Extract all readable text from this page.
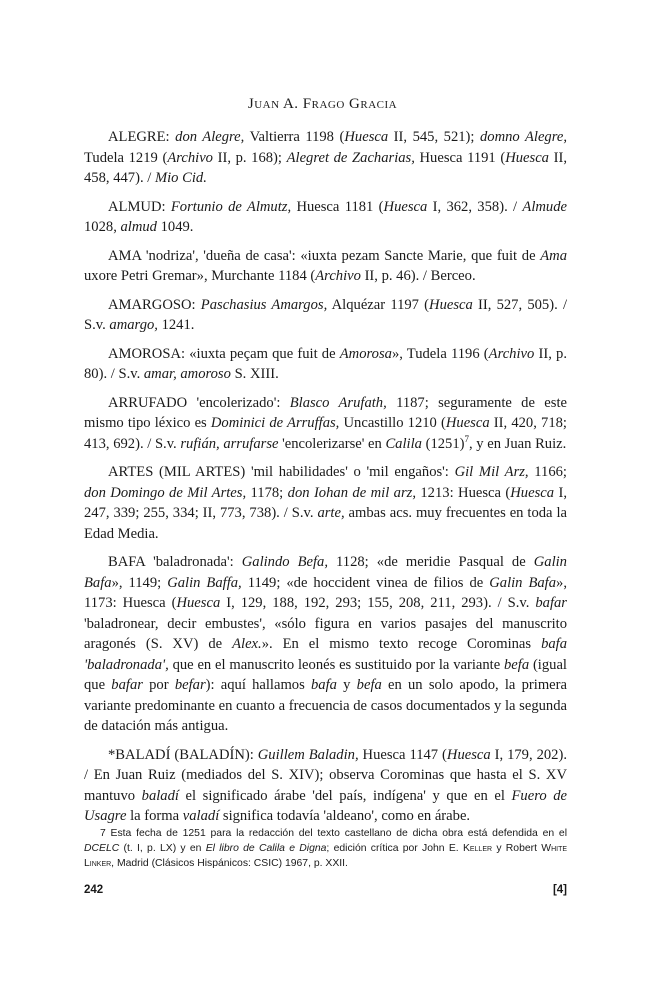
Juan A. Frago Gracia

ALEGRE: don Alegre, Valtierra 1198 (Huesca II, 545, 521); domno Alegre, Tudela 1219 (Archivo II, p. 168); Alegret de Zacharias, Huesca 1191 (Huesca II, 458, 447). / Mio Cid.

ALMUD: Fortunio de Almutz, Huesca 1181 (Huesca I, 362, 358). / Almude 1028, almud 1049.

AMA 'nodriza', 'dueña de casa': «iuxta pezam Sancte Marie, que fuit de Ama uxore Petri Gremar», Murchante 1184 (Archivo II, p. 46). / Berceo.

AMARGOSO: Paschasius Amargos, Alquézar 1197 (Huesca II, 527, 505). / S.v. amargo, 1241.

AMOROSA: «iuxta peçam que fuit de Amorosa», Tudela 1196 (Archivo II, p. 80). / S.v. amar, amoroso S. XIII.

ARRUFADO 'encolerizado': Blasco Arufath, 1187; seguramente de este mismo tipo léxico es Dominici de Arruffas, Uncastillo 1210 (Huesca II, 420, 718; 413, 692). / S.v. rufián, arrufarse 'encolerizarse' en Calila $(1251)^7$, y en Juan Ruiz.

ARTES (MIL ARTES) 'mil habilidades' o 'mil engaños': Gil Mil Arz, 1166; don Domingo de Mil Artes, 1178; don Iohan de mil arz, 1213: Huesca (Huesca I, 247, 339; 255, 334; II, 773, 738). / S.v. arte, ambas acs. muy frecuentes en toda la Edad Media.

BAFA 'baladronada': Galindo Befa, 1128; «de meridie Pasqual de Galin Bafa», 1149; Galin Baffa, 1149; «de hoccident vinea de filios de Galin Bafa», 1173: Huesca (Huesca I, 129, 188, 192, 293; 155, 208, 211, 293). / S.v. bafar 'baladronear, decir embustes', «sólo figura en varios pasajes del manuscrito aragonés (S. XV) de Alex.». En el mismo texto recoge Corominas bafa 'baladronada', que en el manuscrito leonés es sustituido por la variante befa (igual que bafar por befar): aquí hallamos bafa y befa en un solo apodo, la primera variante predominante en cuanto a frecuencia de casos documentados y la segunda de datación más antigua.

*BALADÍ (BALADÍN): Guillem Baladin, Huesca 1147 (Huesca I, 179, 202). / En Juan Ruiz (mediados del S. XIV); observa Corominas que hasta el S. XV mantuvo baladí el significado árabe 'del país, indígena' y que en el Fuero de Usagre la forma valadí significa todavía 'aldeano', como en árabe.

7 Esta fecha de 1251 para la redacción del texto castellano de dicha obra está defendida en el DCELC (t. I, p. LX) y en El libro de Calila e Digna; edición crítica por John E. Keller y Robert White Linker, Madrid (Clásicos Hispánicos: CSIC) 1967, p. XXII.

242	[4]
